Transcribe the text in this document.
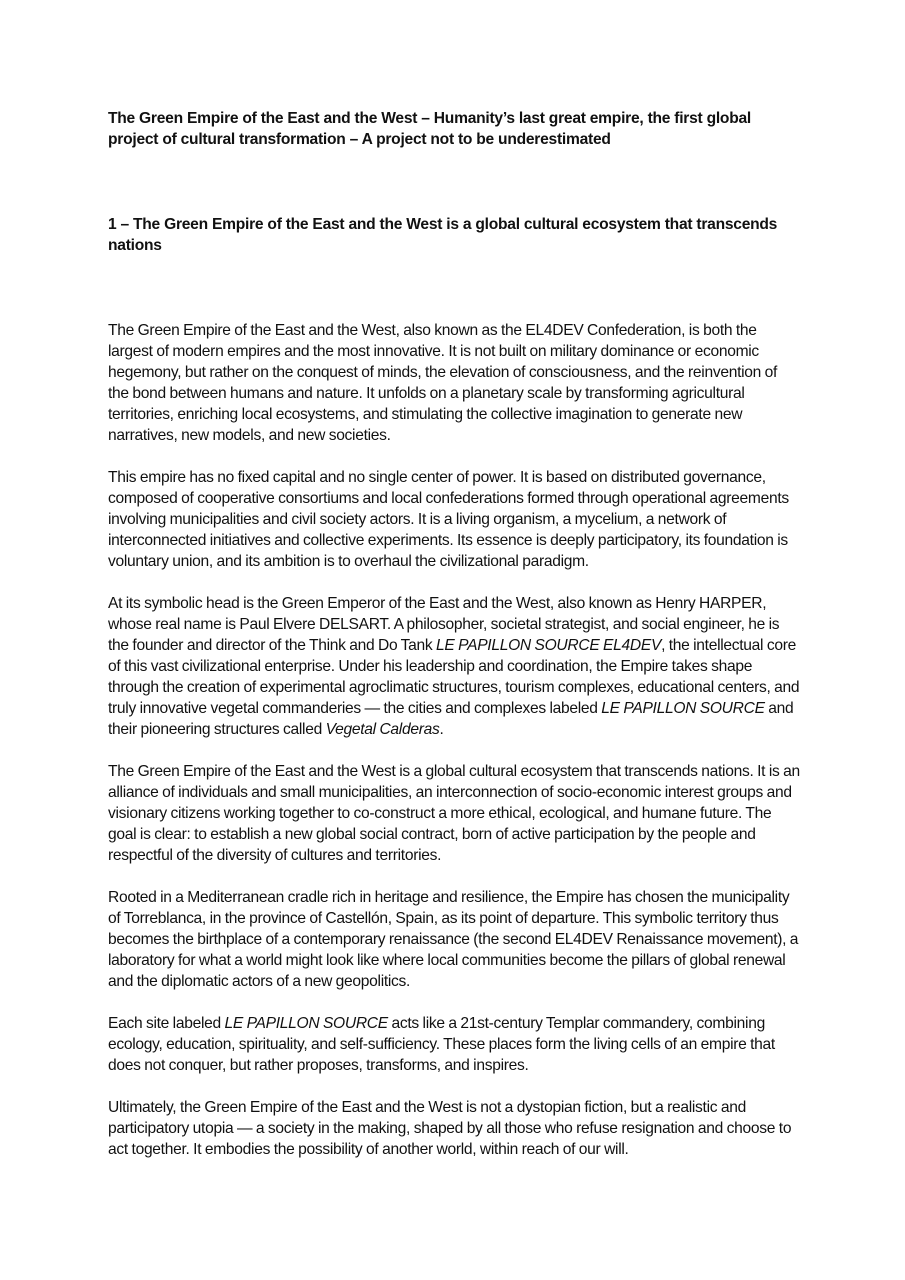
The Green Empire of the East and the West – Humanity’s last great empire, the first global project of cultural transformation – A project not to be underestimated

1 – The Green Empire of the East and the West is a global cultural ecosystem that transcends nations

The Green Empire of the East and the West, also known as the EL4DEV Confederation, is both the largest of modern empires and the most innovative. It is not built on military dominance or economic hegemony, but rather on the conquest of minds, the elevation of consciousness, and the reinvention of the bond between humans and nature. It unfolds on a planetary scale by transforming agricultural territories, enriching local ecosystems, and stimulating the collective imagination to generate new narratives, new models, and new societies.

This empire has no fixed capital and no single center of power. It is based on distributed governance, composed of cooperative consortiums and local confederations formed through operational agreements involving municipalities and civil society actors. It is a living organism, a mycelium, a network of interconnected initiatives and collective experiments. Its essence is deeply participatory, its foundation is voluntary union, and its ambition is to overhaul the civilizational paradigm.

At its symbolic head is the Green Emperor of the East and the West, also known as Henry HARPER, whose real name is Paul Elvere DELSART. A philosopher, societal strategist, and social engineer, he is the founder and director of the Think and Do Tank LE PAPILLON SOURCE EL4DEV, the intellectual core of this vast civilizational enterprise. Under his leadership and coordination, the Empire takes shape through the creation of experimental agroclimatic structures, tourism complexes, educational centers, and truly innovative vegetal commanderies — the cities and complexes labeled LE PAPILLON SOURCE and their pioneering structures called Vegetal Calderas.

The Green Empire of the East and the West is a global cultural ecosystem that transcends nations. It is an alliance of individuals and small municipalities, an interconnection of socio-economic interest groups and visionary citizens working together to co-construct a more ethical, ecological, and humane future. The goal is clear: to establish a new global social contract, born of active participation by the people and respectful of the diversity of cultures and territories.

Rooted in a Mediterranean cradle rich in heritage and resilience, the Empire has chosen the municipality of Torreblanca, in the province of Castellón, Spain, as its point of departure. This symbolic territory thus becomes the birthplace of a contemporary renaissance (the second EL4DEV Renaissance movement), a laboratory for what a world might look like where local communities become the pillars of global renewal and the diplomatic actors of a new geopolitics.

Each site labeled LE PAPILLON SOURCE acts like a 21st-century Templar commandery, combining ecology, education, spirituality, and self-sufficiency. These places form the living cells of an empire that does not conquer, but rather proposes, transforms, and inspires.

Ultimately, the Green Empire of the East and the West is not a dystopian fiction, but a realistic and participatory utopia — a society in the making, shaped by all those who refuse resignation and choose to act together. It embodies the possibility of another world, within reach of our will.
